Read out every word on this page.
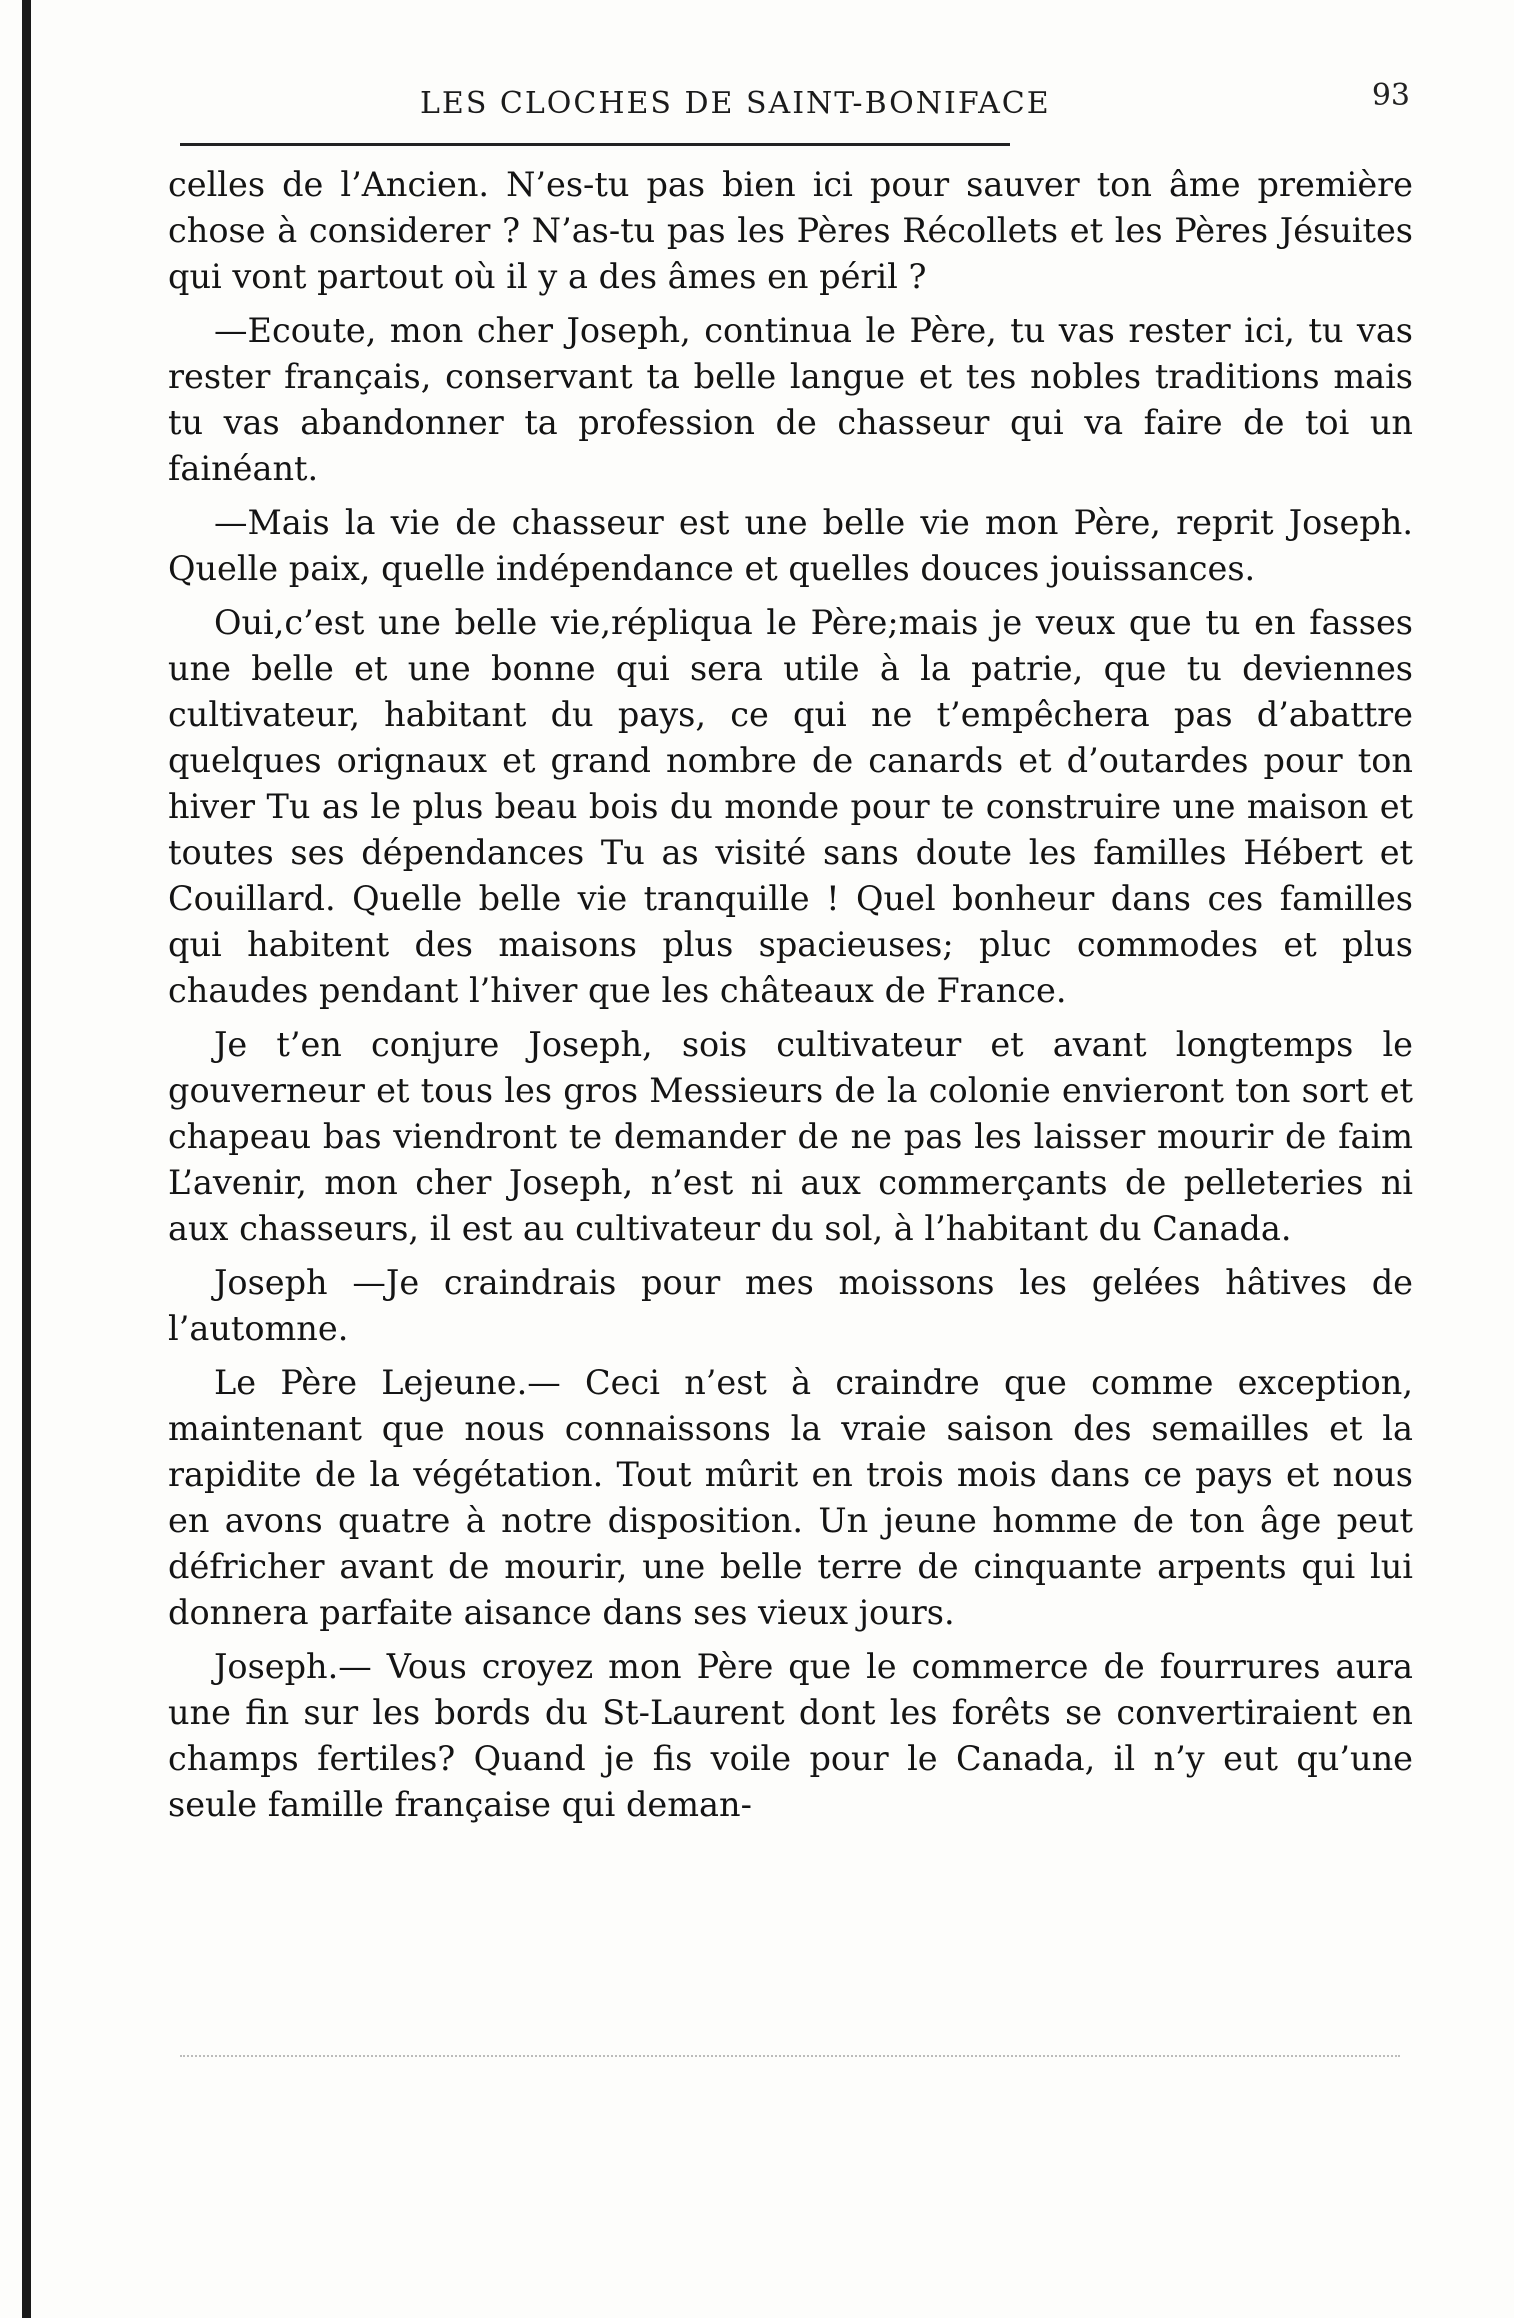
LES CLOCHES DE SAINT-BONIFACE	93

celles de l’Ancien. N’es-tu pas bien ici pour sauver ton âme première chose à considerer ? N’as-tu pas les Pères Récollets et les Pères Jésuites qui vont partout où il y a des âmes en péril ?

—Ecoute, mon cher Joseph, continua le Père, tu vas rester ici, tu vas rester français, conservant ta belle langue et tes nobles traditions mais tu vas abandonner ta profession de chasseur qui va faire de toi un fainéant.

—Mais la vie de chasseur est une belle vie mon Père, reprit Joseph. Quelle paix, quelle indépendance et quelles douces jouissances.

Oui,c’est une belle vie,répliqua le Père;mais je veux que tu en fasses une belle et une bonne qui sera utile à la patrie, que tu deviennes cultivateur, habitant du pays, ce qui ne t’empêchera pas d’abattre quelques orignaux et grand nombre de canards et d’outardes pour ton hiver Tu as le plus beau bois du monde pour te construire une maison et toutes ses dépendances Tu as visité sans doute les familles Hébert et Couillard. Quelle belle vie tranquille ! Quel bonheur dans ces familles qui habitent des maisons plus spacieuses; pluc commodes et plus chaudes pendant l’hiver que les châteaux de France.

Je t’en conjure Joseph, sois cultivateur et avant longtemps le gouverneur et tous les gros Messieurs de la colonie envieront ton sort et chapeau bas viendront te demander de ne pas les laisser mourir de faim L’avenir, mon cher Joseph, n’est ni aux commerçants de pelleteries ni aux chasseurs, il est au cultivateur du sol, à l’habitant du Canada.

Joseph —Je craindrais pour mes moissons les gelées hâtives de l’automne.

Le Père Lejeune.— Ceci n’est à craindre que comme exception, maintenant que nous connaissons la vraie saison des semailles et la rapidite de la végétation. Tout mûrit en trois mois dans ce pays et nous en avons quatre à notre disposition. Un jeune homme de ton âge peut défricher avant de mourir, une belle terre de cinquante arpents qui lui donnera parfaite aisance dans ses vieux jours.

Joseph.— Vous croyez mon Père que le commerce de fourrures aura une fin sur les bords du St-Laurent dont les forêts se convertiraient en champs fertiles? Quand je fis voile pour le Canada, il n’y eut qu’une seule famille française qui deman-
